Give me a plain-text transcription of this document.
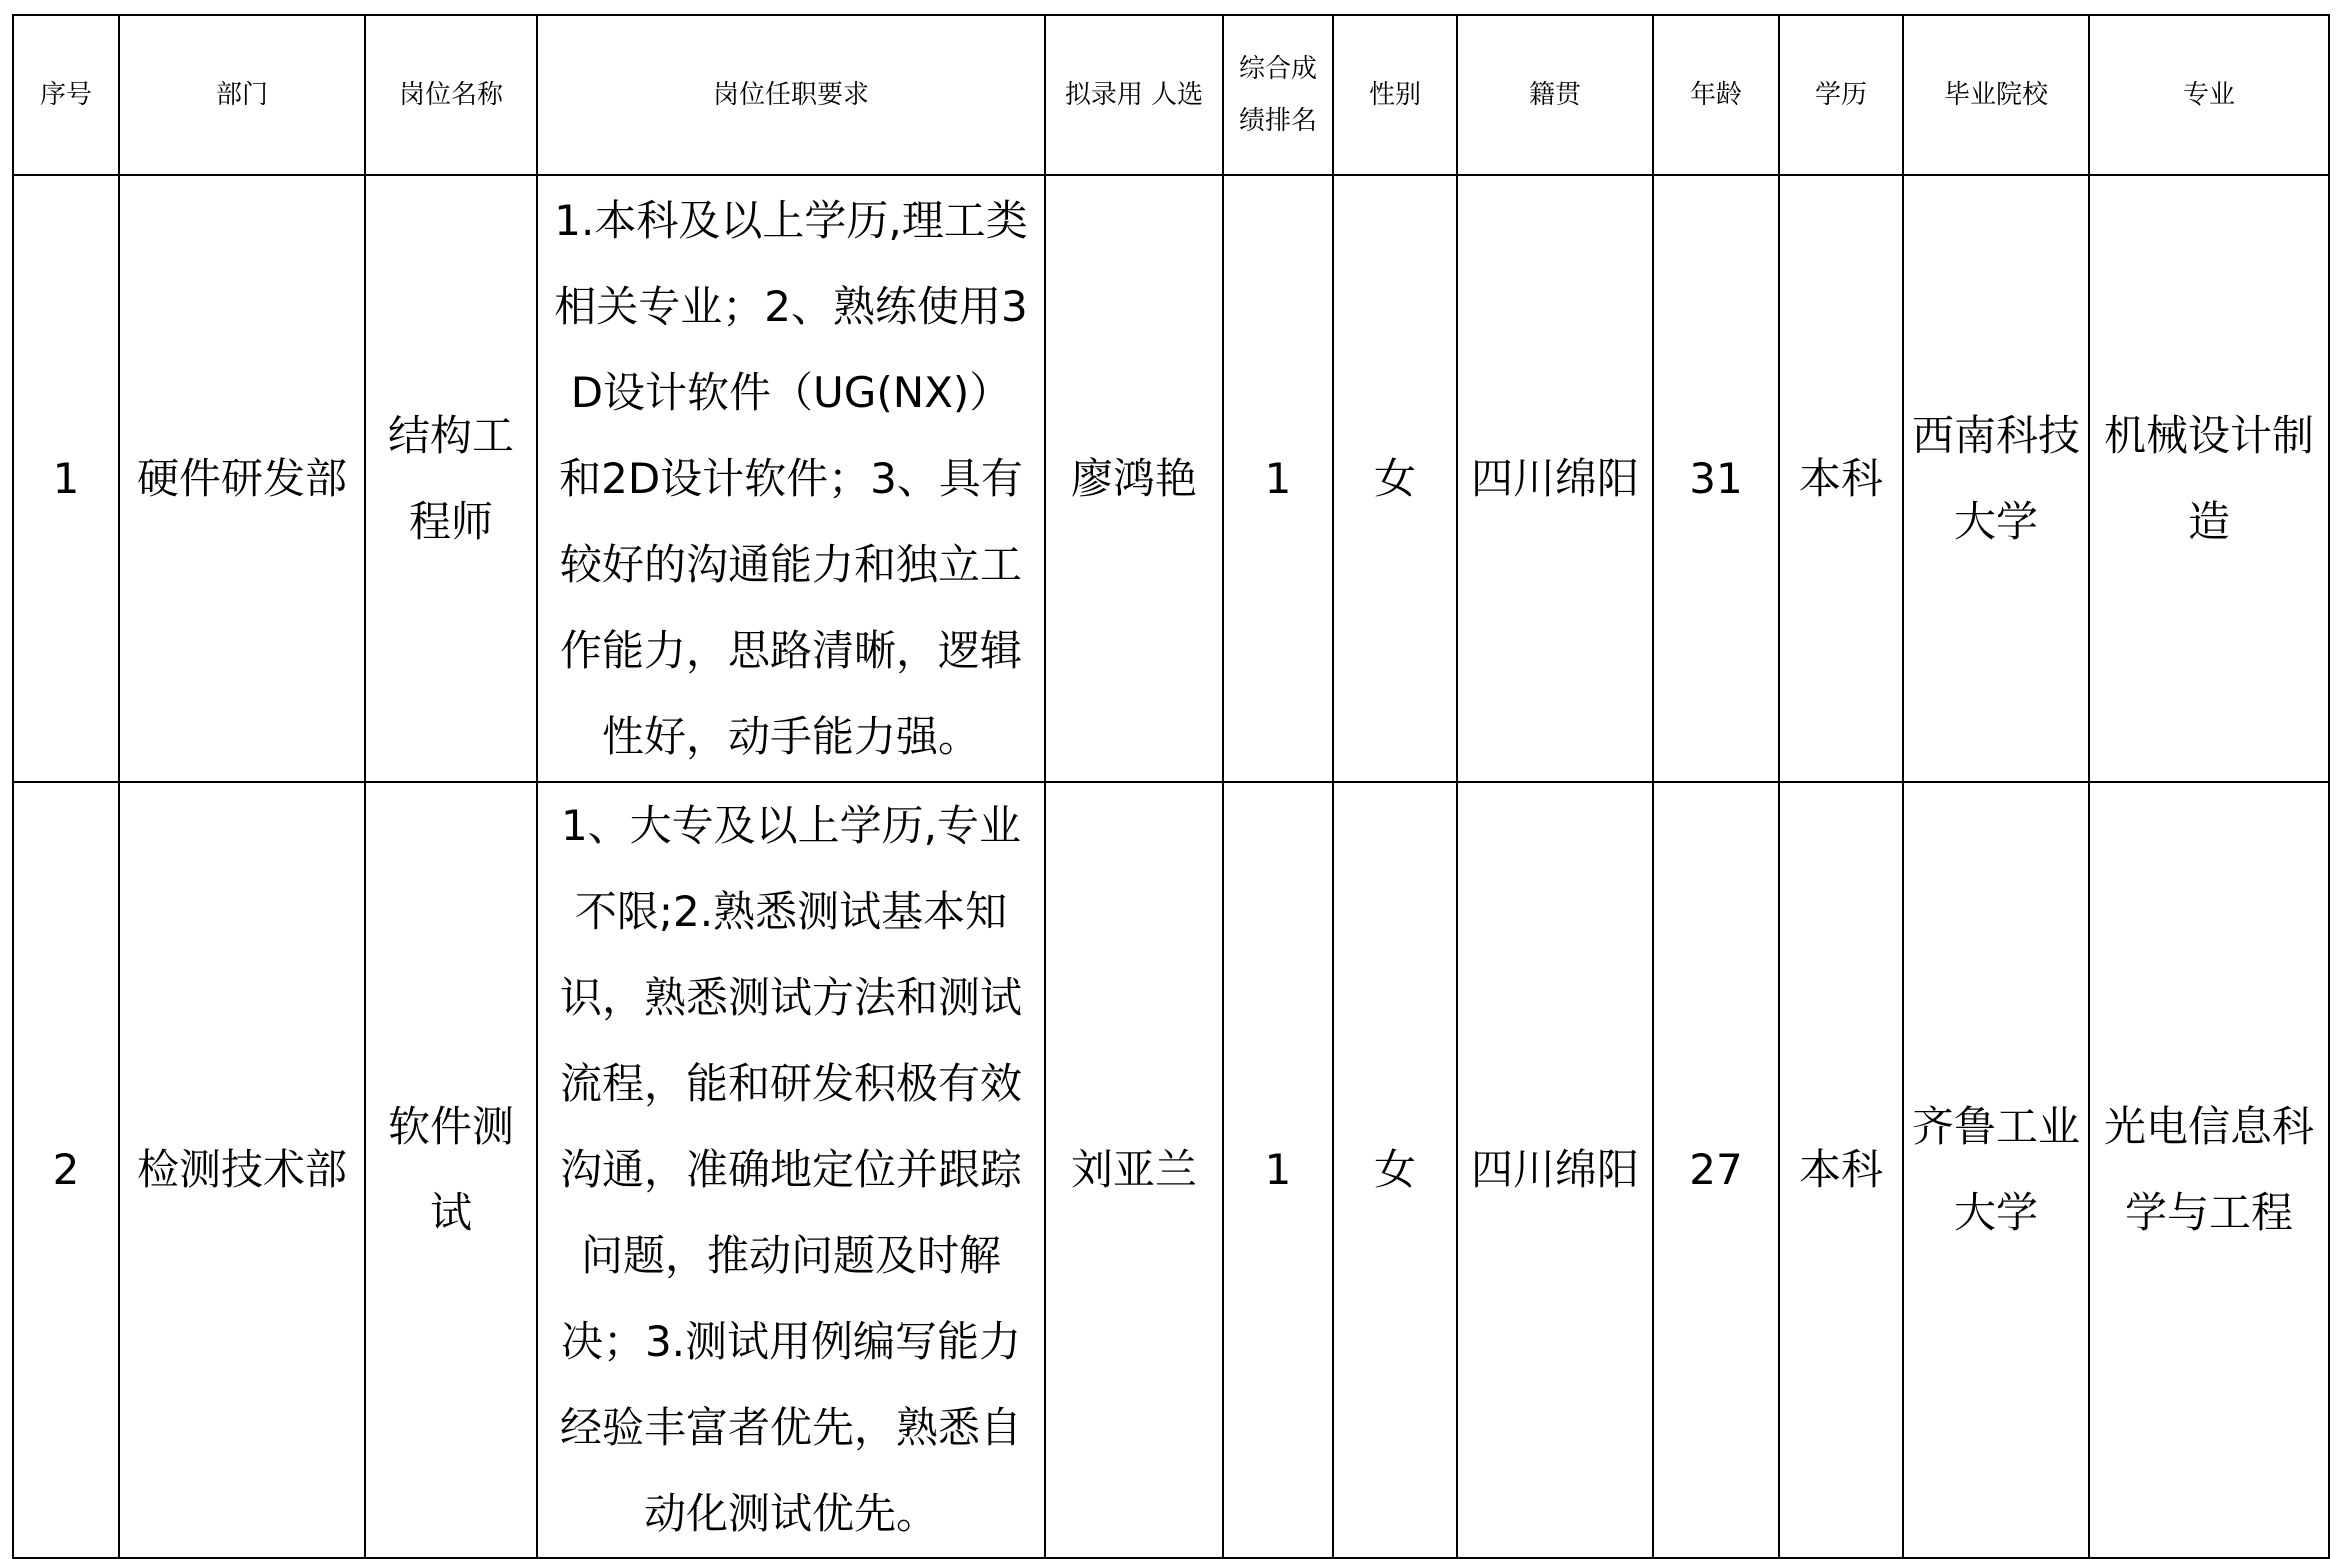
序号	部门	岗位名称	岗位任职要求	拟录用 人选	综合成绩排名	性别	籍贯	年龄	学历	毕业院校	专业
1	硬件研发部	结构工程师	1.本科及以上学历,理工类相关专业；2、熟练使用3D设计软件（UG(NX)）和2D设计软件；3、具有较好的沟通能力和独立工作能力，思路清晰，逻辑性好，动手能力强。	廖鸿艳	1	女	四川绵阳	31	本科	西南科技大学	机械设计制造
2	检测技术部	软件测试	1、大专及以上学历,专业不限;2.熟悉测试基本知识，熟悉测试方法和测试流程，能和研发积极有效沟通，准确地定位并跟踪问题，推动问题及时解决；3.测试用例编写能力经验丰富者优先，熟悉自动化测试优先。	刘亚兰	1	女	四川绵阳	27	本科	齐鲁工业大学	光电信息科学与工程
